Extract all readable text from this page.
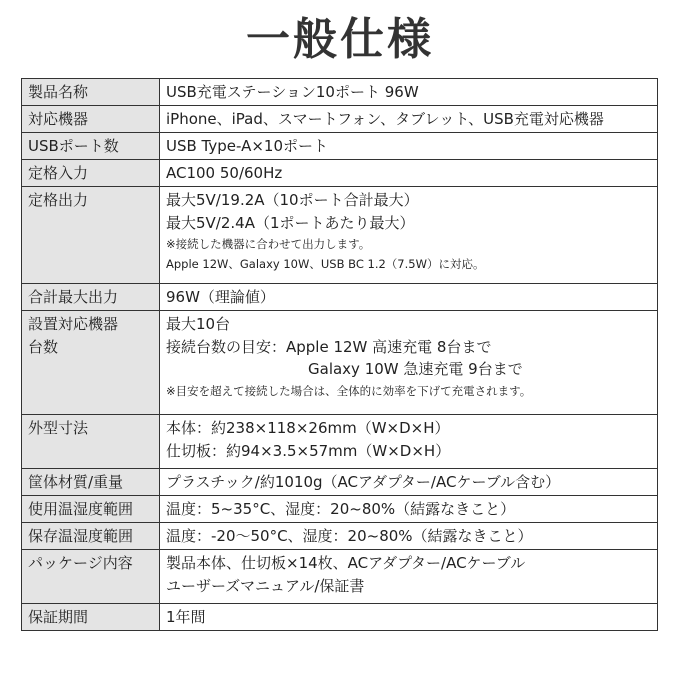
一般仕様
製品名称	USB充電ステーション10ポート 96W

対応機器	iPhone、iPad、スマートフォン、タブレット、USB充電対応機器

USBポート数	USB Type-A×10ポート

定格入力	AC100 50/60Hz

定格出力	最大5V/19.2A（10ポート合計最大）
最大5V/2.4A（1ポートあたり最大）
※接続した機器に合わせて出力します。
Apple 12W、Galaxy 10W、USB BC 1.2（7.5W）に対応。

合計最大出力	96W（理論値）

設置対応機器
台数	最大10台
接続台数の目安：Apple 12W 高速充電 8台まで
Galaxy 10W 急速充電 9台まで
※目安を超えて接続した場合は、全体的に効率を下げて充電されます。

外型寸法	本体：約238×118×26mm（W×D×H）
仕切板：約94×3.5×57mm（W×D×H）

筐体材質/重量	プラスチック/約1010g（ACアダプター/ACケーブル含む）

使用温湿度範囲	温度：5~35°C、湿度：20~80%（結露なきこと）

保存温湿度範囲	温度：-20〜50°C、湿度：20~80%（結露なきこと）

パッケージ内容	製品本体、仕切板×14枚、ACアダプター/ACケーブル
ユーザーズマニュアル/保証書

保証期間	1年間
